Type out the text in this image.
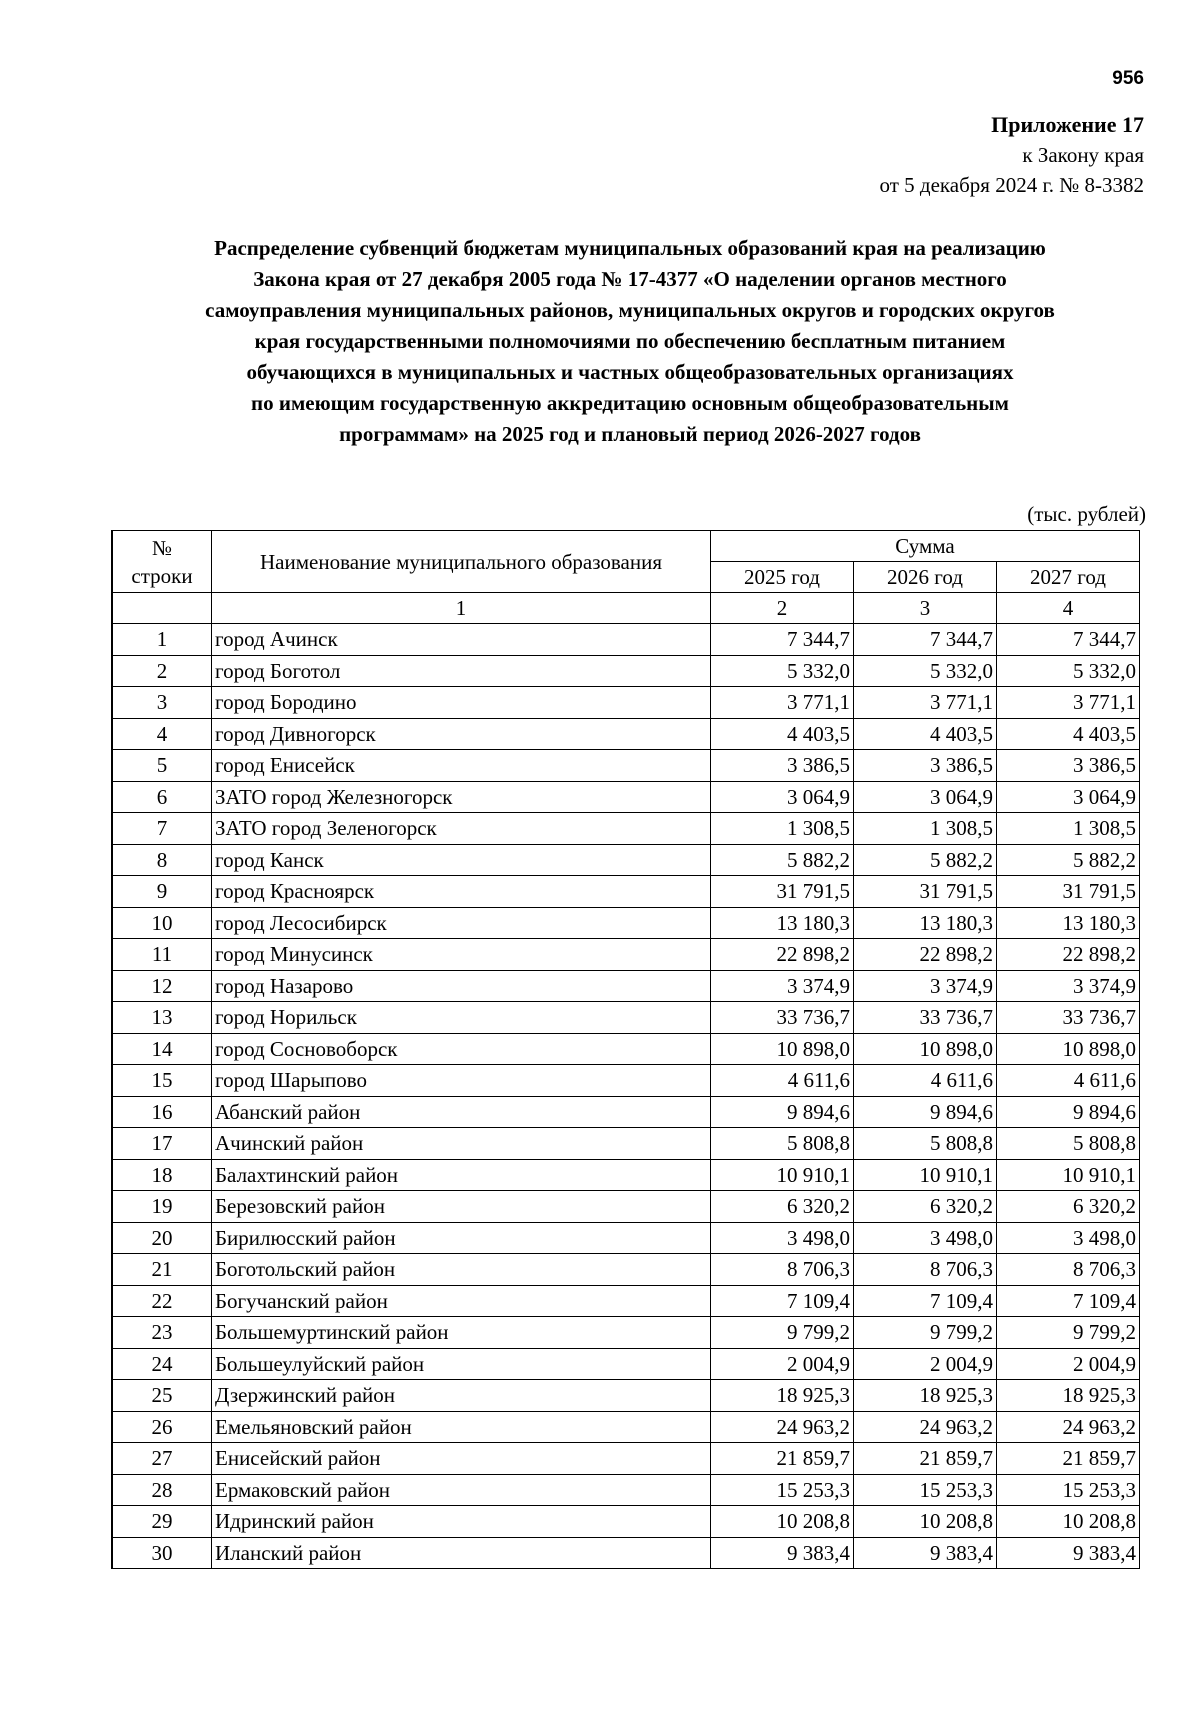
956
Приложение 17
к Закону края
от 5 декабря 2024 г. № 8-3382
Распределение субвенций бюджетам муниципальных образований края на реализацию
Закона края от 27 декабря 2005 года № 17-4377 «О наделении органов местного
самоуправления муниципальных районов, муниципальных округов и городских округов
края государственными полномочиями по обеспечению бесплатным питанием
обучающихся в муниципальных и частных общеобразовательных организациях
по имеющим государственную аккредитацию основным общеобразовательным
программам» на 2025 год и плановый период 2026-2027 годов
(тыс. рублей)
№
строки	Наименование муниципального образования	Сумма		
		2025 год	2026 год	2027 год
	1	2	3	4
1	город Ачинск	7 344,7	7 344,7	7 344,7
2	город Боготол	5 332,0	5 332,0	5 332,0
3	город Бородино	3 771,1	3 771,1	3 771,1
4	город Дивногорск	4 403,5	4 403,5	4 403,5
5	город Енисейск	3 386,5	3 386,5	3 386,5
6	ЗАТО город Железногорск	3 064,9	3 064,9	3 064,9
7	ЗАТО город Зеленогорск	1 308,5	1 308,5	1 308,5
8	город Канск	5 882,2	5 882,2	5 882,2
9	город Красноярск	31 791,5	31 791,5	31 791,5
10	город Лесосибирск	13 180,3	13 180,3	13 180,3
11	город Минусинск	22 898,2	22 898,2	22 898,2
12	город Назарово	3 374,9	3 374,9	3 374,9
13	город Норильск	33 736,7	33 736,7	33 736,7
14	город Сосновоборск	10 898,0	10 898,0	10 898,0
15	город Шарыпово	4 611,6	4 611,6	4 611,6
16	Абанский район	9 894,6	9 894,6	9 894,6
17	Ачинский район	5 808,8	5 808,8	5 808,8
18	Балахтинский район	10 910,1	10 910,1	10 910,1
19	Березовский район	6 320,2	6 320,2	6 320,2
20	Бирилюсский район	3 498,0	3 498,0	3 498,0
21	Боготольский район	8 706,3	8 706,3	8 706,3
22	Богучанский район	7 109,4	7 109,4	7 109,4
23	Большемуртинский район	9 799,2	9 799,2	9 799,2
24	Большеулуйский район	2 004,9	2 004,9	2 004,9
25	Дзержинский район	18 925,3	18 925,3	18 925,3
26	Емельяновский район	24 963,2	24 963,2	24 963,2
27	Енисейский район	21 859,7	21 859,7	21 859,7
28	Ермаковский район	15 253,3	15 253,3	15 253,3
29	Идринский район	10 208,8	10 208,8	10 208,8
30	Иланский район	9 383,4	9 383,4	9 383,4
